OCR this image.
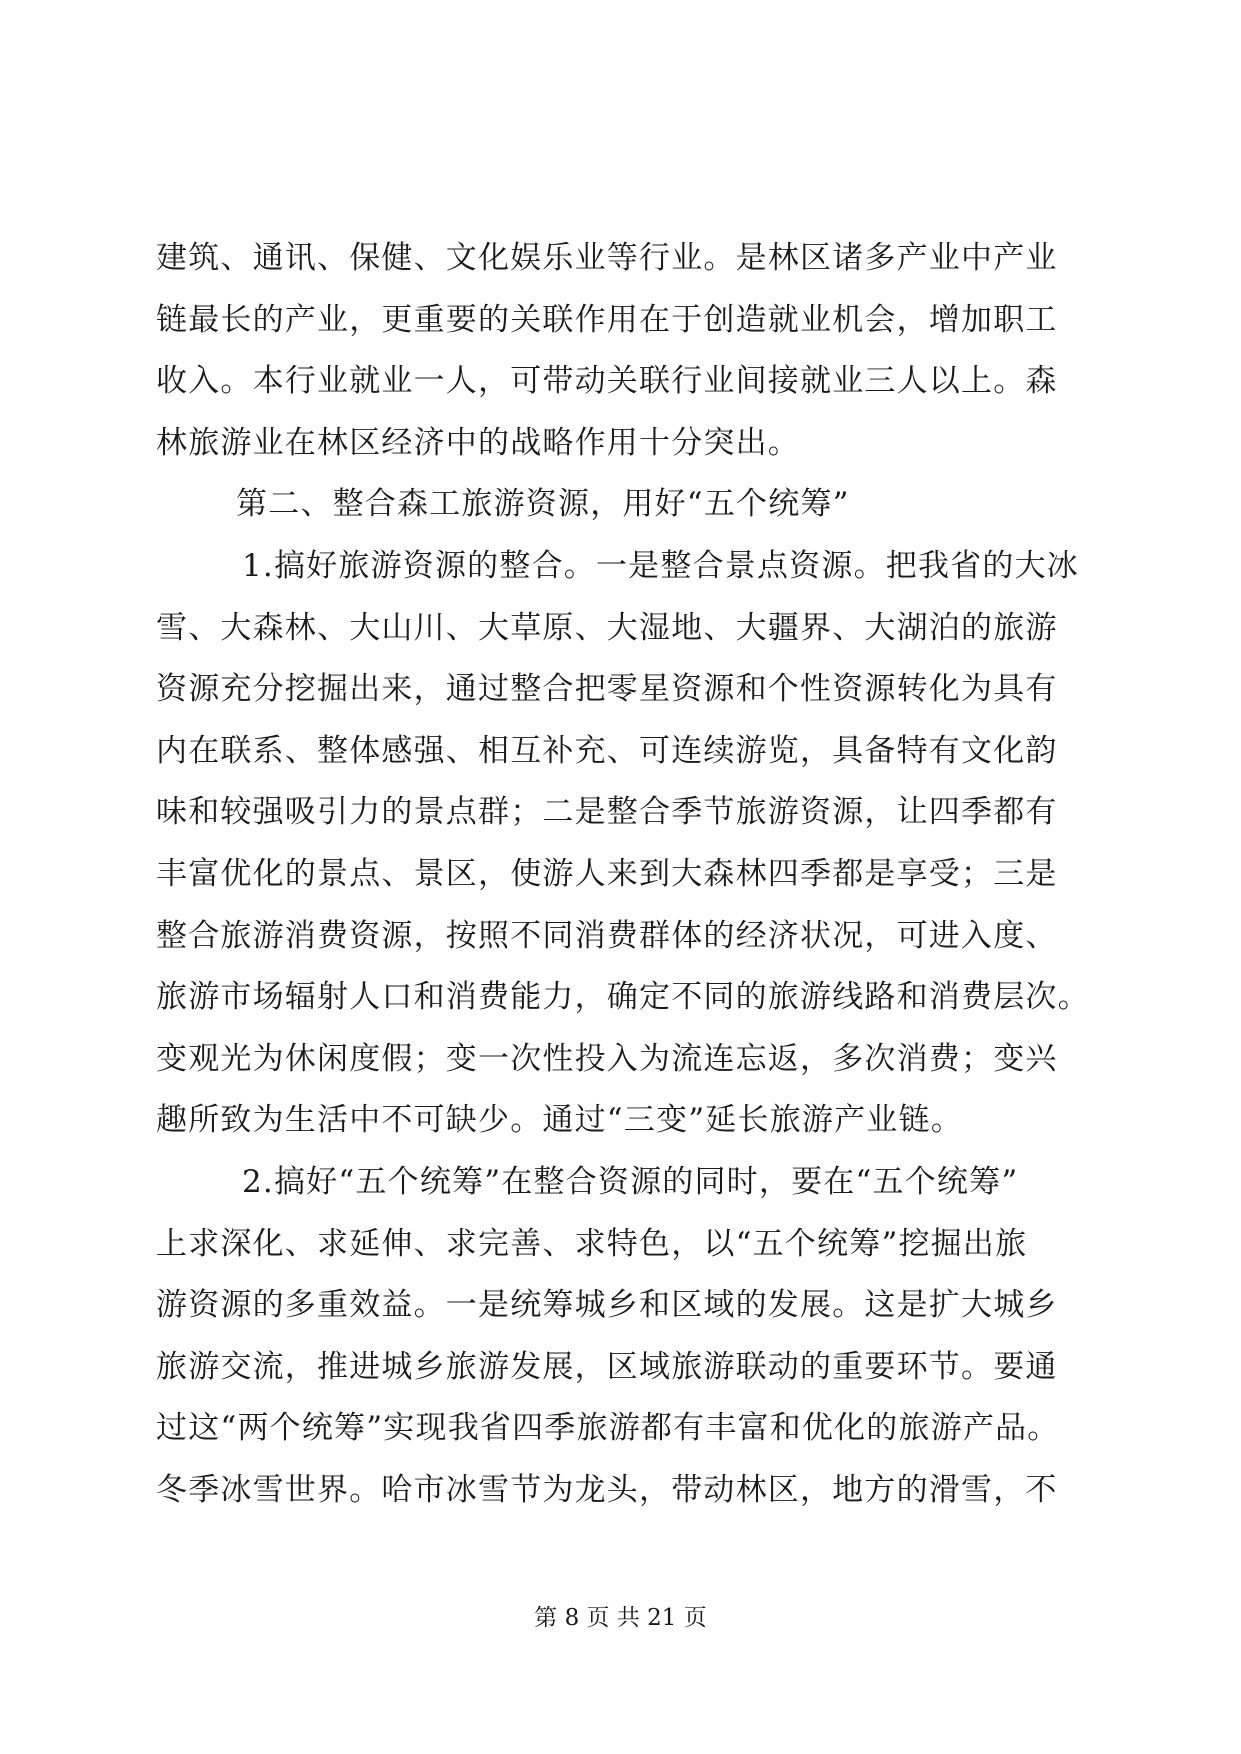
建筑、通讯、保健、文化娱乐业等行业。是林区诸多产业中产业
链最长的产业，更重要的关联作用在于创造就业机会，增加职工
收入。本行业就业一人，可带动关联行业间接就业三人以上。森
林旅游业在林区经济中的战略作用十分突出。
第二、整合森工旅游资源，用好“五个统筹”
1.搞好旅游资源的整合。一是整合景点资源。把我省的大冰
雪、大森林、大山川、大草原、大湿地、大疆界、大湖泊的旅游
资源充分挖掘出来，通过整合把零星资源和个性资源转化为具有
内在联系、整体感强、相互补充、可连续游览，具备特有文化韵
味和较强吸引力的景点群；二是整合季节旅游资源，让四季都有
丰富优化的景点、景区，使游人来到大森林四季都是享受；三是
整合旅游消费资源，按照不同消费群体的经济状况，可进入度、
旅游市场辐射人口和消费能力，确定不同的旅游线路和消费层次。
变观光为休闲度假；变一次性投入为流连忘返，多次消费；变兴
趣所致为生活中不可缺少。通过“三变”延长旅游产业链。
2.搞好“五个统筹”在整合资源的同时，要在“五个统筹”
上求深化、求延伸、求完善、求特色，以“五个统筹”挖掘出旅
游资源的多重效益。一是统筹城乡和区域的发展。这是扩大城乡
旅游交流，推进城乡旅游发展，区域旅游联动的重要环节。要通
过这“两个统筹”实现我省四季旅游都有丰富和优化的旅游产品。
冬季冰雪世界。哈市冰雪节为龙头，带动林区，地方的滑雪，不
第 8 页 共 21 页
